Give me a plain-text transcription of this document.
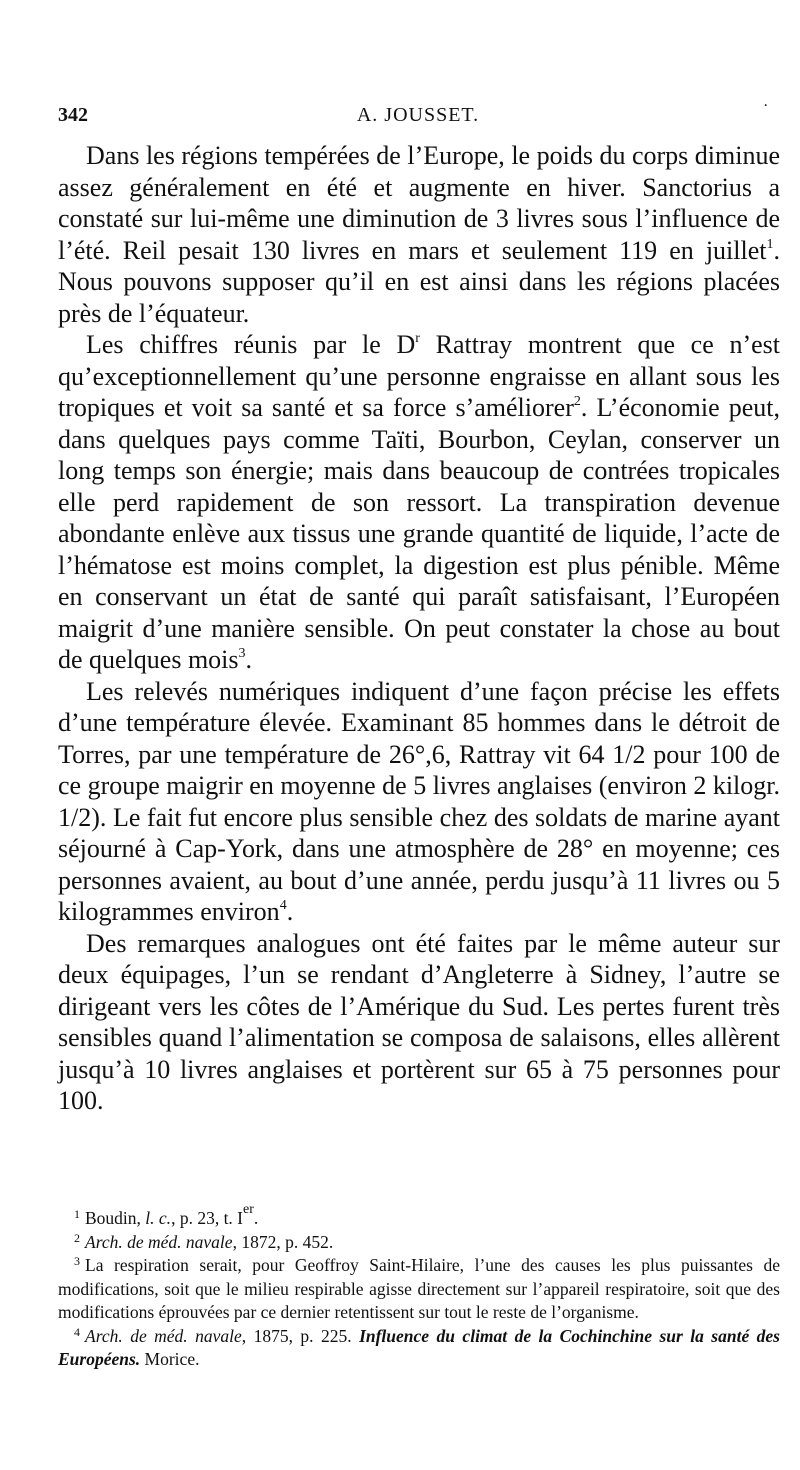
342	A. JOUSSET.	·

Dans les régions tempérées de l’Europe, le poids du corps diminue assez généralement en été et augmente en hiver. Sanctorius a constaté sur lui-même une diminution de 3 livres sous l’influence de l’été. Reil pesait 130 livres en mars et seulement 119 en juillet$^1$. Nous pouvons supposer qu’il en est ainsi dans les régions placées près de l’équateur.

Les chiffres réunis par le $D^r$ Rattray montrent que ce n’est qu’exceptionnellement qu’une personne engraisse en allant sous les tropiques et voit sa santé et sa force s’améliorer$^2$. L’économie peut, dans quelques pays comme Taïti, Bourbon, Ceylan, conserver un long temps son énergie; mais dans beaucoup de contrées tropicales elle perd rapidement de son ressort. La transpiration devenue abondante enlève aux tissus une grande quantité de liquide, l’acte de l’hématose est moins complet, la digestion est plus pénible. Même en conservant un état de santé qui paraît satisfaisant, l’Européen maigrit d’une manière sensible. On peut constater la chose au bout de quelques mois$^3$.

Les relevés numériques indiquent d’une façon précise les effets d’une température élevée. Examinant 85 hommes dans le détroit de Torres, par une température de 26°,6, Rattray vit 64 1/2 pour 100 de ce groupe maigrir en moyenne de 5 livres anglaises (environ 2 kilogr. 1/2). Le fait fut encore plus sensible chez des soldats de marine ayant séjourné à Cap-York, dans une atmosphère de 28° en moyenne; ces personnes avaient, au bout d’une année, perdu jusqu’à 11 livres ou 5 kilogrammes environ$^4$.

Des remarques analogues ont été faites par le même auteur sur deux équipages, l’un se rendant d’Angleterre à Sidney, l’autre se dirigeant vers les côtes de l’Amérique du Sud. Les pertes furent très sensibles quand l’alimentation se composa de salaisons, elles allèrent jusqu’à 10 livres anglaises et portèrent sur 65 à 75 personnes pour 100.

$^1$ Boudin, l. c., p. 23, t. Ier.

$^2$ Arch. de méd. navale, 1872, p. 452.

$^3$ La respiration serait, pour Geoffroy Saint-Hilaire, l’une des causes les plus puissantes de modifications, soit que le milieu respirable agisse directement sur l’appareil respiratoire, soit que des modifications éprouvées par ce dernier retentissent sur tout le reste de l’organisme.

$^4$ Arch. de méd. navale, 1875, p. 225. Influence du climat de la Cochinchine sur la santé des Européens. Morice.
